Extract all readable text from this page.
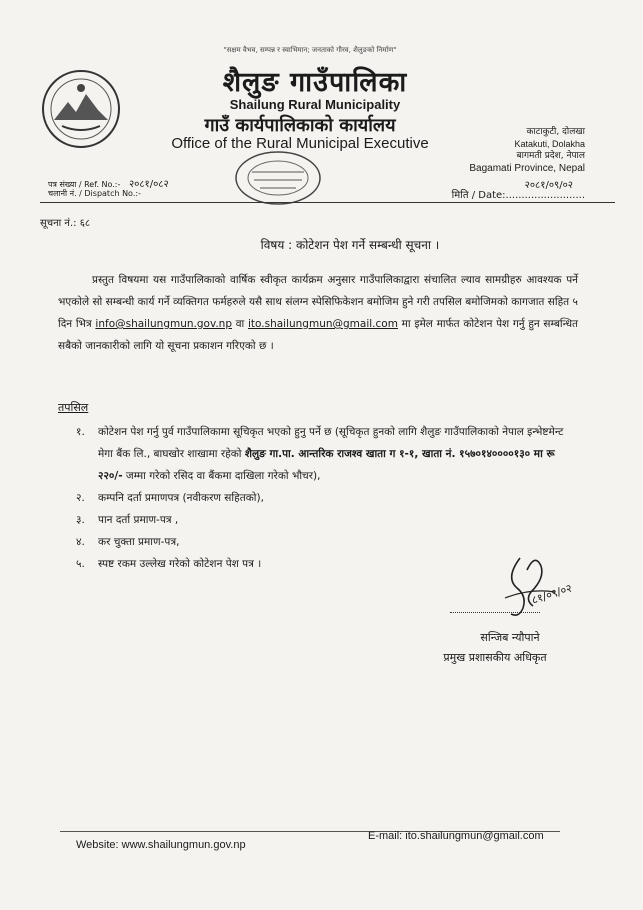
"सक्षम वैभव, सम्पन्न र स्वाभिमान; जनताको गौरव, शैलुङको निर्माण"
शैलुङ गाउँपालिका
Shailung Rural Municipality
गाउँ कार्यपालिकाको कार्यालय
Office of the Rural Municipal Executive
काटाकुटी, दोलखा
Katakuti, Dolakha
बागमती प्रदेश, नेपाल
Bagamati Province, Nepal
२०८१/०९/०२
मिति / Date:.........................
पत्र संख्या / Ref. No.:- २०८१/०८२
चलानी नं. / Dispatch No.:-
सूचना नं.: ६८
विषय : कोटेशन पेश गर्ने सम्बन्धी सूचना ।
प्रस्तुत विषयमा यस गाउँपालिकाको वार्षिक स्वीकृत कार्यक्रम अनुसार गाउँपालिकाद्वारा संचालित ल्याव सामग्रीहरु आवश्यक पर्ने भएकोले सो सम्बन्धी कार्य गर्ने व्यक्तिगत फर्महरुले यसै साथ संलग्न स्पेसिफिकेशन बमोजिम हुने गरी तपसिल बमोजिमको कागजात सहित ५ दिन भित्र info@shailungmun.gov.np वा ito.shailungmun@gmail.com मा इमेल मार्फत कोटेशन पेश गर्नु हुन सम्बन्धित सबैको जानकारीको लागि यो सूचना प्रकाशन गरिएको छ ।
तपसिल
१.	कोटेशन पेश गर्नु पुर्व गाउँपालिकामा सूचिकृत भएको हुनु पर्ने छ (सूचिकृत हुनको लागि शैलुङ गाउँपालिकाको नेपाल इन्भेष्टमेन्ट मेगा बैंक लि., बाघखोर शाखामा रहेको शैलुङ गा.पा. आन्तरिक राजश्व खाता ग १-१, खाता नं. १५७०१४००००१३० मा रू २२०/- जम्मा गरेको रसिद वा बैंकमा दाखिला गरेको भौचर),
२.	कम्पनि दर्ता प्रमाणपत्र (नवीकरण सहितको),
३.	पान दर्ता प्रमाण-पत्र ,
४.	कर चुक्ता प्रमाण-पत्र,
५.	स्पष्ट रकम उल्लेख गरेको कोटेशन पेश पत्र ।
८१/०९/०२
सन्जिब न्यौपाने
प्रमुख प्रशासकीय अधिकृत
Website: www.shailungmun.gov.np
E-mail: ito.shailungmun@gmail.com
